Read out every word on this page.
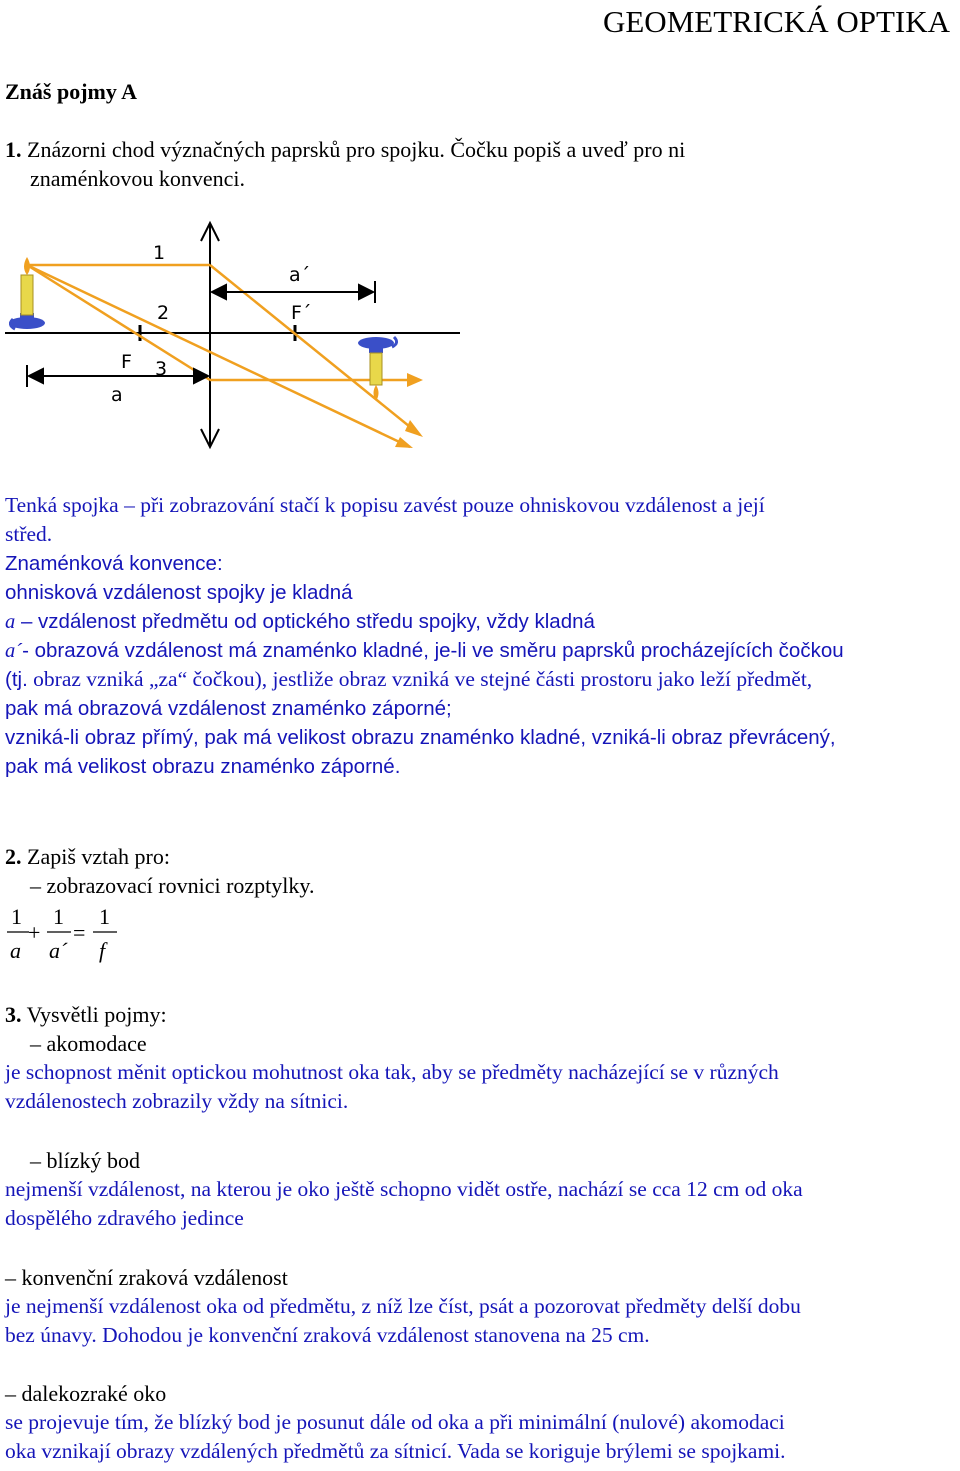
GEOMETRICKÁ OPTIKA
Znáš pojmy A
1. Znázorni chod význačných paprsků pro spojku. Čočku popiš a uveď pro ni
znaménkovou konvenci.
1
2
3
F
F´
a
a´
Tenká spojka – při zobrazování stačí k popisu zavést pouze ohniskovou vzdálenost a její
střed.
Znaménková konvence:
ohnisková vzdálenost spojky je kladná
a – vzdálenost předmětu od optického středu spojky, vždy kladná
a´- obrazová vzdálenost má znaménko kladné, je-li ve směru paprsků procházejících čočkou
(tj. obraz vzniká „za“ čočkou), jestliže obraz vzniká ve stejné části prostoru jako leží předmět,
pak má obrazová vzdálenost znaménko záporné;
vzniká-li obraz přímý, pak má velikost obrazu znaménko kladné, vzniká-li obraz převrácený,
pak má velikost obrazu znaménko záporné.
2. Zapiš vztah pro:
– zobrazovací rovnici rozptylky.
1
a
+
1
a´
=
1
f
3. Vysvětli pojmy:
– akomodace
je schopnost měnit optickou mohutnost oka tak, aby se předměty nacházející se v různých
vzdálenostech zobrazily vždy na sítnici.
– blízký bod
nejmenší vzdálenost, na kterou je oko ještě schopno vidět ostře, nachází se cca 12 cm od oka
dospělého zdravého jedince
– konvenční zraková vzdálenost
je nejmenší vzdálenost oka od předmětu, z níž lze číst, psát a pozorovat předměty delší dobu
bez únavy. Dohodou je konvenční zraková vzdálenost stanovena na 25 cm.
– dalekozraké oko
se projevuje tím, že blízký bod je posunut dále od oka a při minimální (nulové) akomodaci
oka vznikají obrazy vzdálených předmětů za sítnicí. Vada se koriguje brýlemi se spojkami.
